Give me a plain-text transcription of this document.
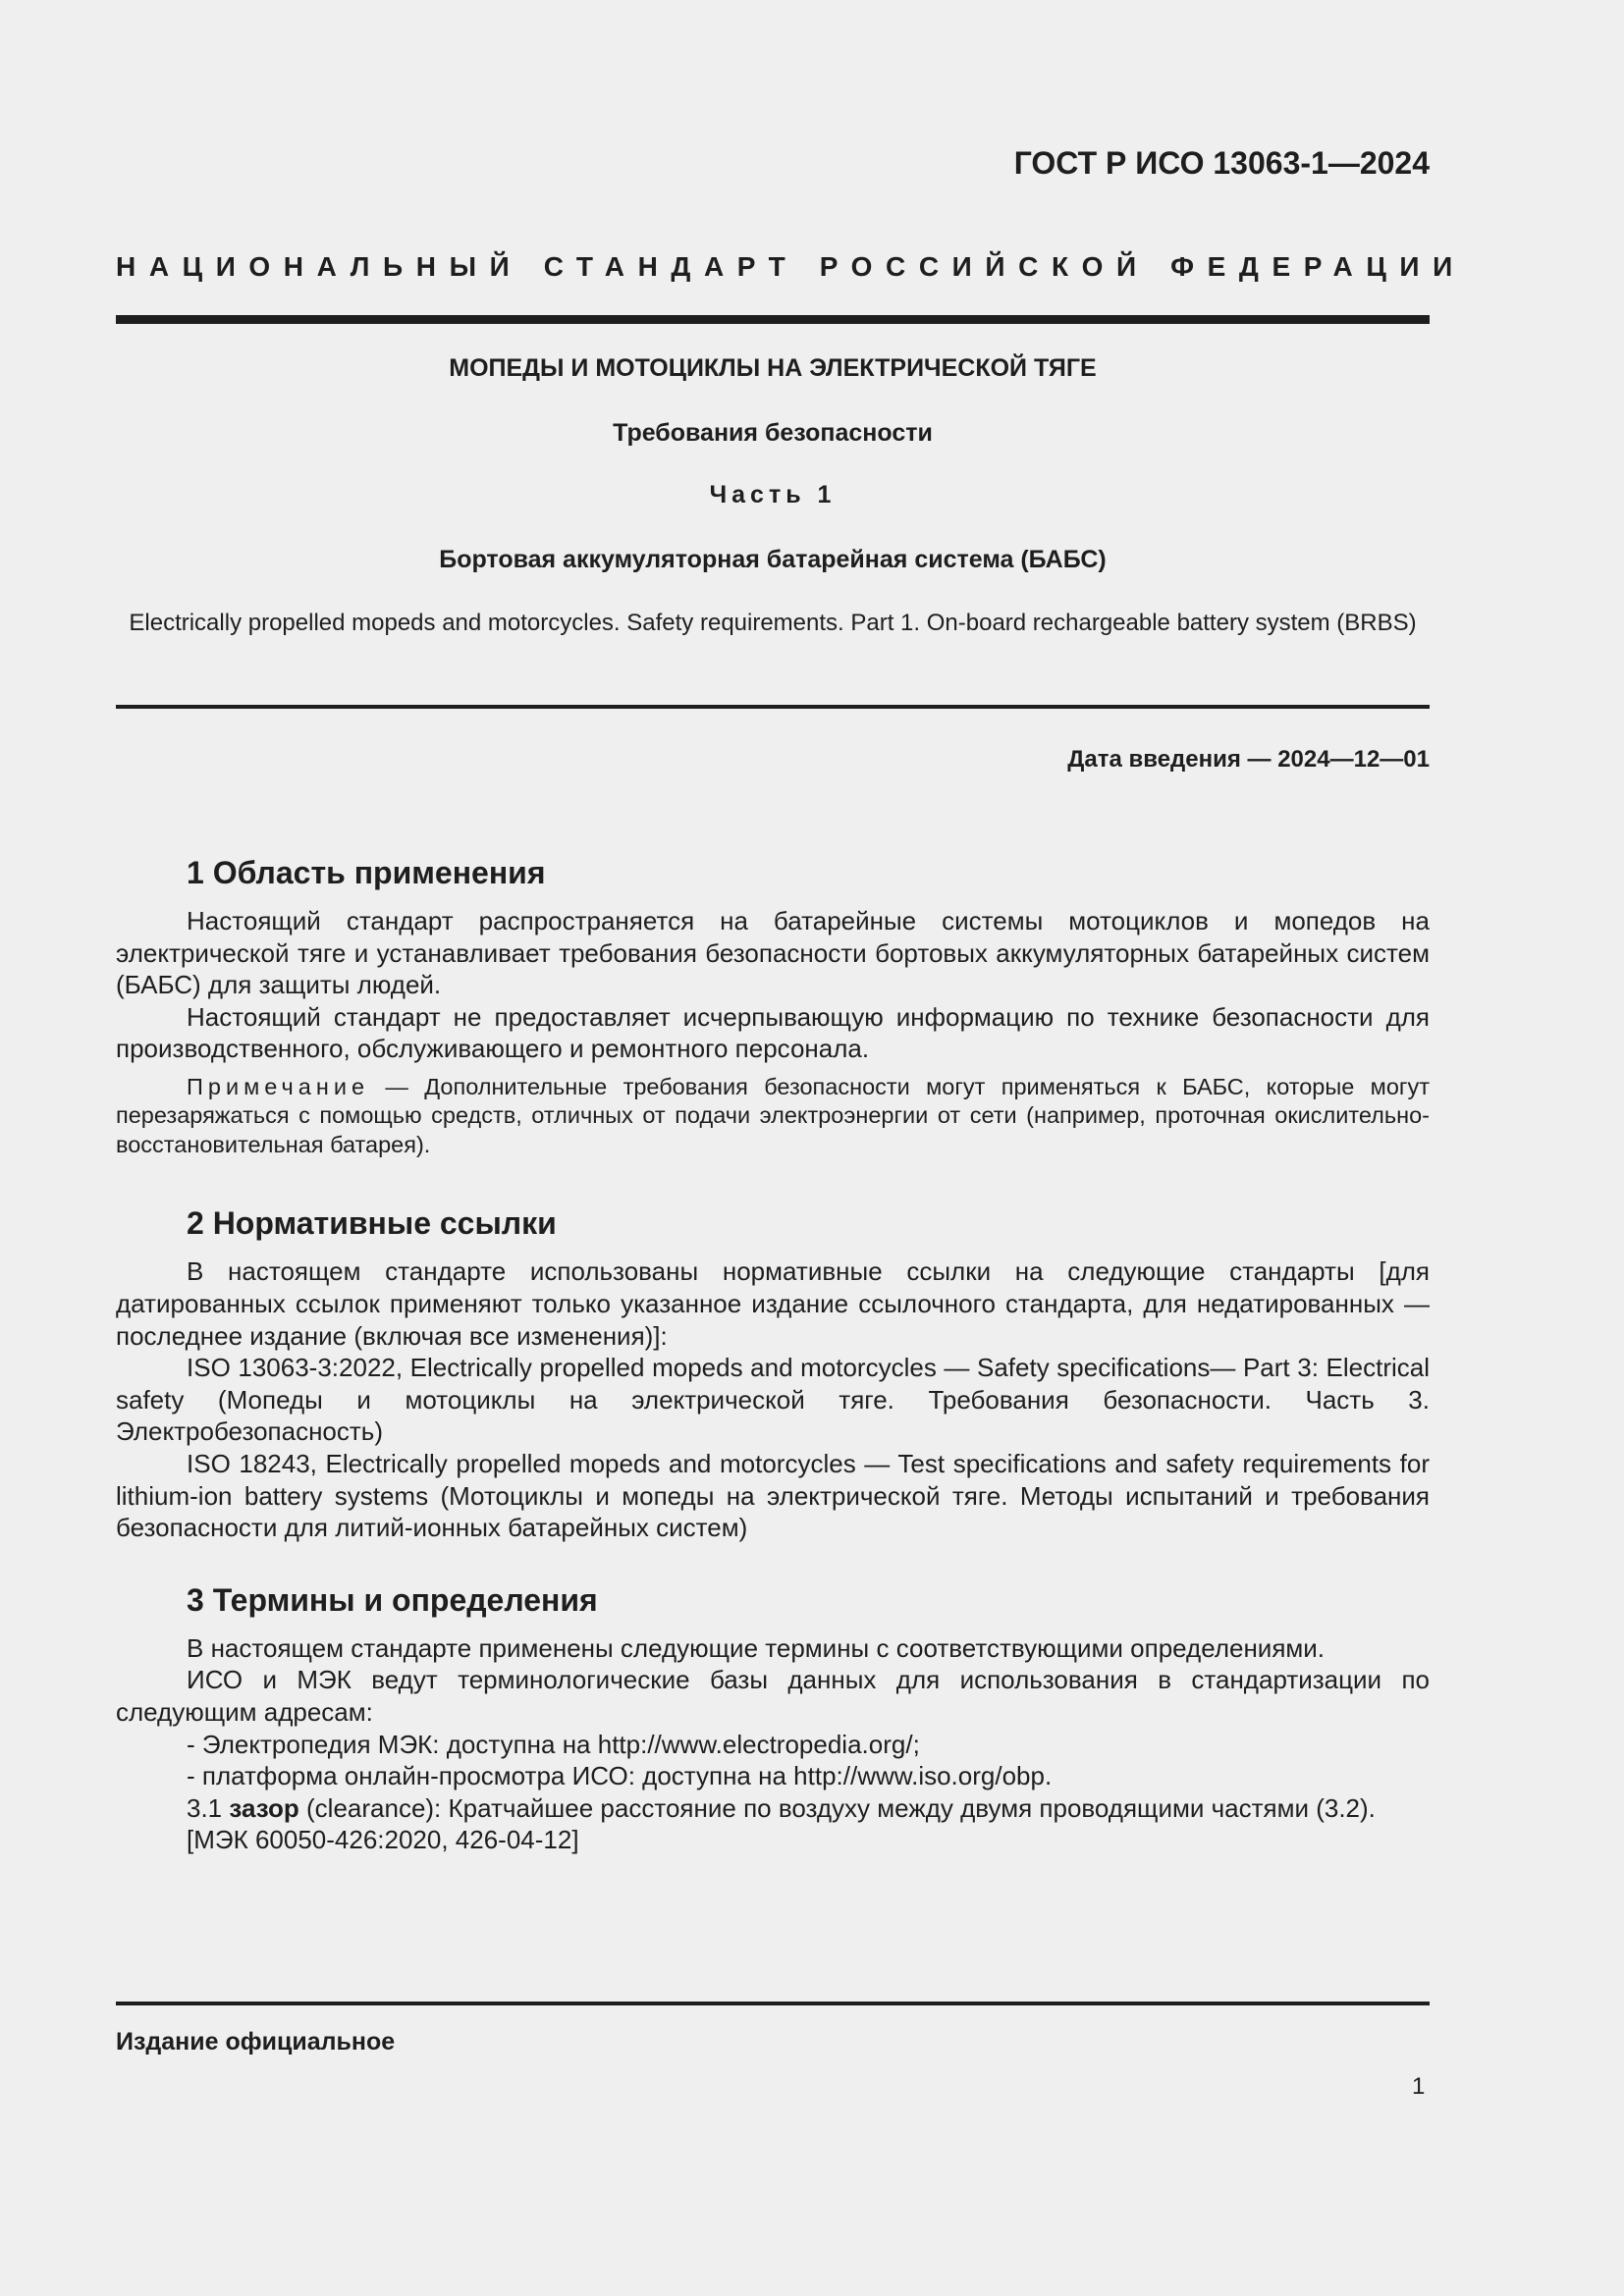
ГОСТ Р ИСО 13063-1—2024
НАЦИОНАЛЬНЫЙ СТАНДАРТ РОССИЙСКОЙ ФЕДЕРАЦИИ
МОПЕДЫ И МОТОЦИКЛЫ НА ЭЛЕКТРИЧЕСКОЙ ТЯГЕ
Требования безопасности
Часть 1
Бортовая аккумуляторная батарейная система (БАБС)
Electrically propelled mopeds and motorcycles. Safety requirements. Part 1. On-board rechargeable battery system (BRBS)
Дата введения — 2024—12—01
1 Область применения

Настоящий стандарт распространяется на батарейные системы мотоциклов и мопедов на электрической тяге и устанавливает требования безопасности бортовых аккумуляторных батарейных систем (БАБС) для защиты людей.

Настоящий стандарт не предоставляет исчерпывающую информацию по технике безопасности для производственного, обслуживающего и ремонтного персонала.

Примечание — Дополнительные требования безопасности могут применяться к БАБС, которые могут перезаряжаться с помощью средств, отличных от подачи электроэнергии от сети (например, проточная окислительно-восстановительная батарея).

2 Нормативные ссылки

В настоящем стандарте использованы нормативные ссылки на следующие стандарты [для датированных ссылок применяют только указанное издание ссылочного стандарта, для недатированных — последнее издание (включая все изменения)]:

ISO 13063-3:2022, Electrically propelled mopeds and motorcycles — Safety specifications— Part 3: Electrical safety (Мопеды и мотоциклы на электрической тяге. Требования безопасности. Часть 3. Электробезопасность)

ISO 18243, Electrically propelled mopeds and motorcycles — Test specifications and safety requirements for lithium-ion battery systems (Мотоциклы и мопеды на электрической тяге. Методы испытаний и требования безопасности для литий-ионных батарейных систем)

3 Термины и определения

В настоящем стандарте применены следующие термины с соответствующими определениями.

ИСО и МЭК ведут терминологические базы данных для использования в стандартизации по следующим адресам:

- Электропедия МЭК: доступна на http://www.electropedia.org/;

- платформа онлайн-просмотра ИСО: доступна на http://www.iso.org/obp.

3.1 зазор (clearance): Кратчайшее расстояние по воздуху между двумя проводящими частями (3.2).

[МЭК 60050-426:2020, 426-04-12]

Издание официальное
1
